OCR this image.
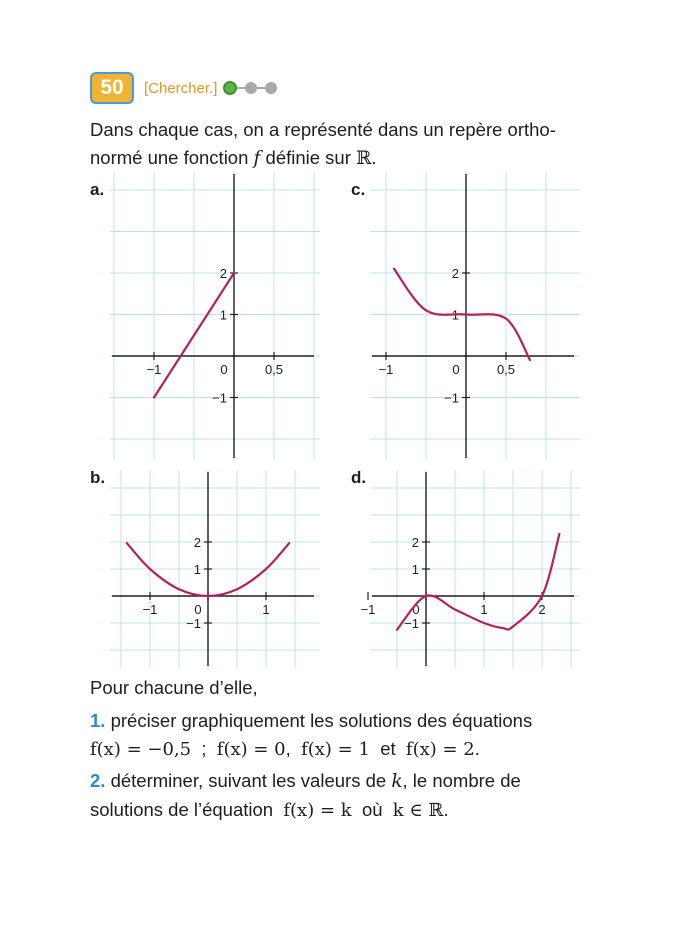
50	[Chercher.]
Dans chaque cas, on a représenté dans un repère ortho-
normé une fonction f définie sur ℝ.
a.	c.
b.	d.
−1	0	0,5
2
1
−1
−1	0	0,5
2
1
−1
−1	0	1
2
1
−1
−1	0	1	2
2
1
−1
Pour chacune d’elle,
1. préciser graphiquement les solutions des équations
f(x) = −0,5 ; f(x) = 0, f(x) = 1 et f(x) = 2.
2. déterminer, suivant les valeurs de k, le nombre de
solutions de l’équation f(x) = k où k ∈ ℝ.
